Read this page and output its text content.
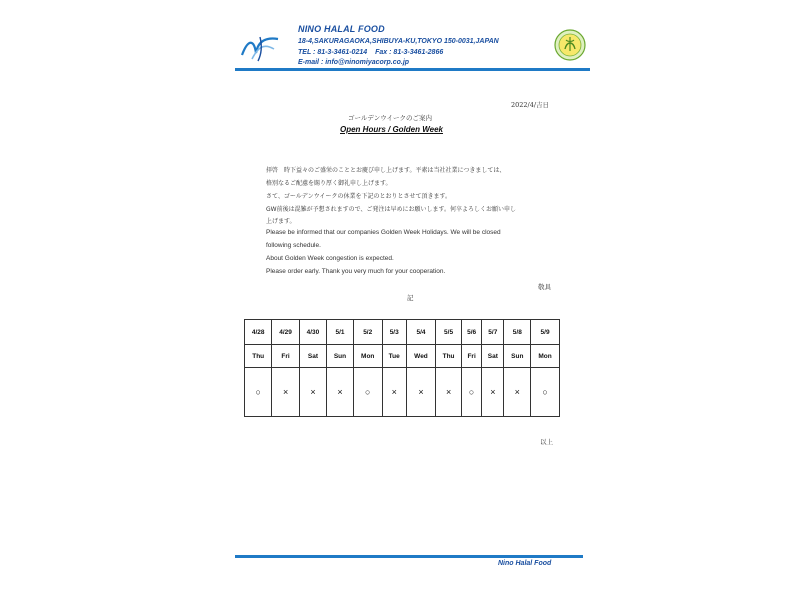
NINO HALAL FOOD
18-4,SAKURAGAOKA,SHIBUYA-KU,TOKYO 150-0031,JAPAN
TEL : 81-3-3461-0214 Fax : 81-3-3461-2866
E-mail : info@ninomiyacorp.co.jp
2022/4/吉日
ゴールデンウイークのご案内
Open Hours / Golden Week
拝啓　時下益々のご盛栄のこととお慶び申し上げます。平素は当社社業につきましては、
格別なるご配慮を賜り厚く御礼申し上げます。
さて、ゴールデンウイークの休業を下記のとおりとさせて頂きます。
GW前後は混雑が予想されますので、ご発注は早めにお願いします。何卒よろしくお願い申し
上げます。
Please be informed that our companies Golden Week Holidays. We will be closed
following schedule.
About Golden Week congestion is expected.
Please order early. Thank you very much for your cooperation.
敬具
記
4/28	4/29	4/30	5/1	5/2	5/3	5/4	5/5	5/6	5/7	5/8	5/9
Thu	Fri	Sat	Sun	Mon	Tue	Wed	Thu	Fri	Sat	Sun	Mon
○	×	×	×	○	×	×	×	○	×	×	○
以上
Nino Halal Food
